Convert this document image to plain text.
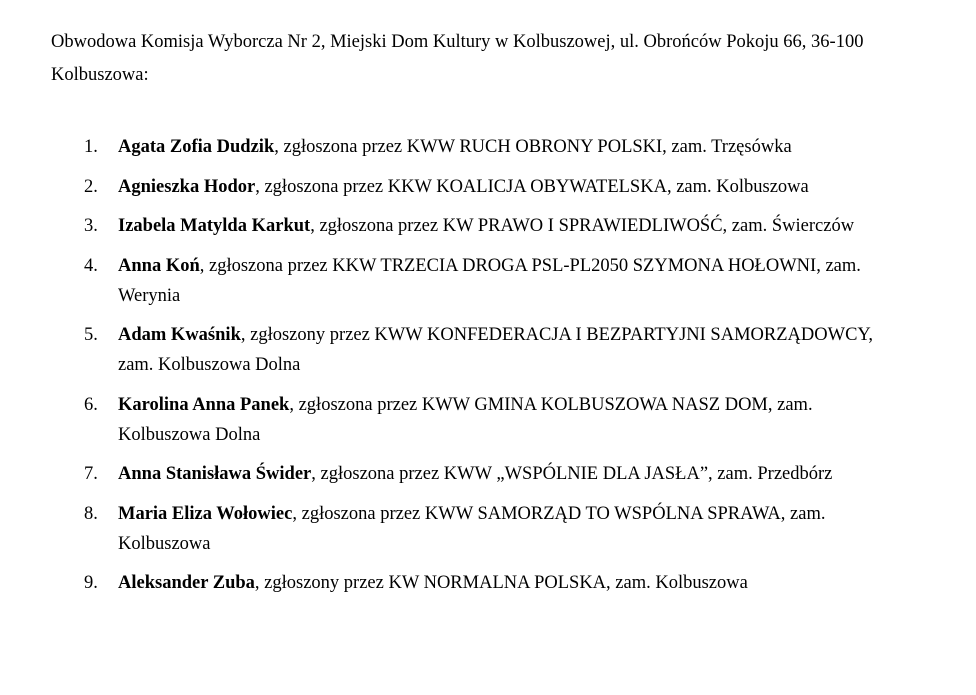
Obwodowa Komisja Wyborcza Nr 2, Miejski Dom Kultury w Kolbuszowej, ul. Obrońców Pokoju 66, 36-100 Kolbuszowa:

1.	Agata Zofia Dudzik, zgłoszona przez KWW RUCH OBRONY POLSKI, zam. Trzęsówka
2.	Agnieszka Hodor, zgłoszona przez KKW KOALICJA OBYWATELSKA, zam. Kolbuszowa
3.	Izabela Matylda Karkut, zgłoszona przez KW PRAWO I SPRAWIEDLIWOŚĆ, zam. Świerczów
4.	Anna Koń, zgłoszona przez KKW TRZECIA DROGA PSL-PL2050 SZYMONA HOŁOWNI, zam. Werynia
5.	Adam Kwaśnik, zgłoszony przez KWW KONFEDERACJA I BEZPARTYJNI SAMORZĄDOWCY, zam. Kolbuszowa Dolna
6.	Karolina Anna Panek, zgłoszona przez KWW GMINA KOLBUSZOWA NASZ DOM, zam. Kolbuszowa Dolna
7.	Anna Stanisława Świder, zgłoszona przez KWW „WSPÓLNIE DLA JASŁA”, zam. Przedbórz
8.	Maria Eliza Wołowiec, zgłoszona przez KWW SAMORZĄD TO WSPÓLNA SPRAWA, zam. Kolbuszowa
9.	Aleksander Zuba, zgłoszony przez KW NORMALNA POLSKA, zam. Kolbuszowa
